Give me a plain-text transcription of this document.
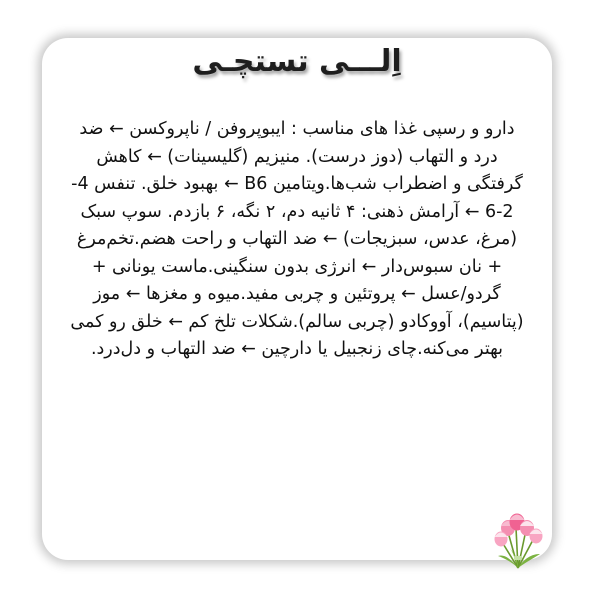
اِلـــی تستچـی
دارو و رسپی غذا های مناسب : ایبوپروفن / ناپروکسن ← ضد درد و التهاب (دوز درست). منیزیم (گلیسینات) ← کاهش گرفتگی و اضطراب شب‌ها.ویتامین B6 ← بهبود خلق. تنفس 4-2-6 ← آرامش ذهنی: ۴ ثانیه دم، ۲ نگه، ۶ بازدم. سوپ سبک (مرغ، عدس، سبزیجات) ← ضد التهاب و راحت هضم.تخم‌مرغ + نان سبوس‌دار ← انرژی بدون سنگینی.ماست یونانی + گردو/عسل ← پروتئین و چربی مفید.میوه و مغزها ← موز (پتاسیم)، آووکادو (چربی سالم).شکلات تلخ کم ← خلق رو کمی بهتر می‌کنه.چای زنجبیل یا دارچین ← ضد التهاب و دل‌درد.
